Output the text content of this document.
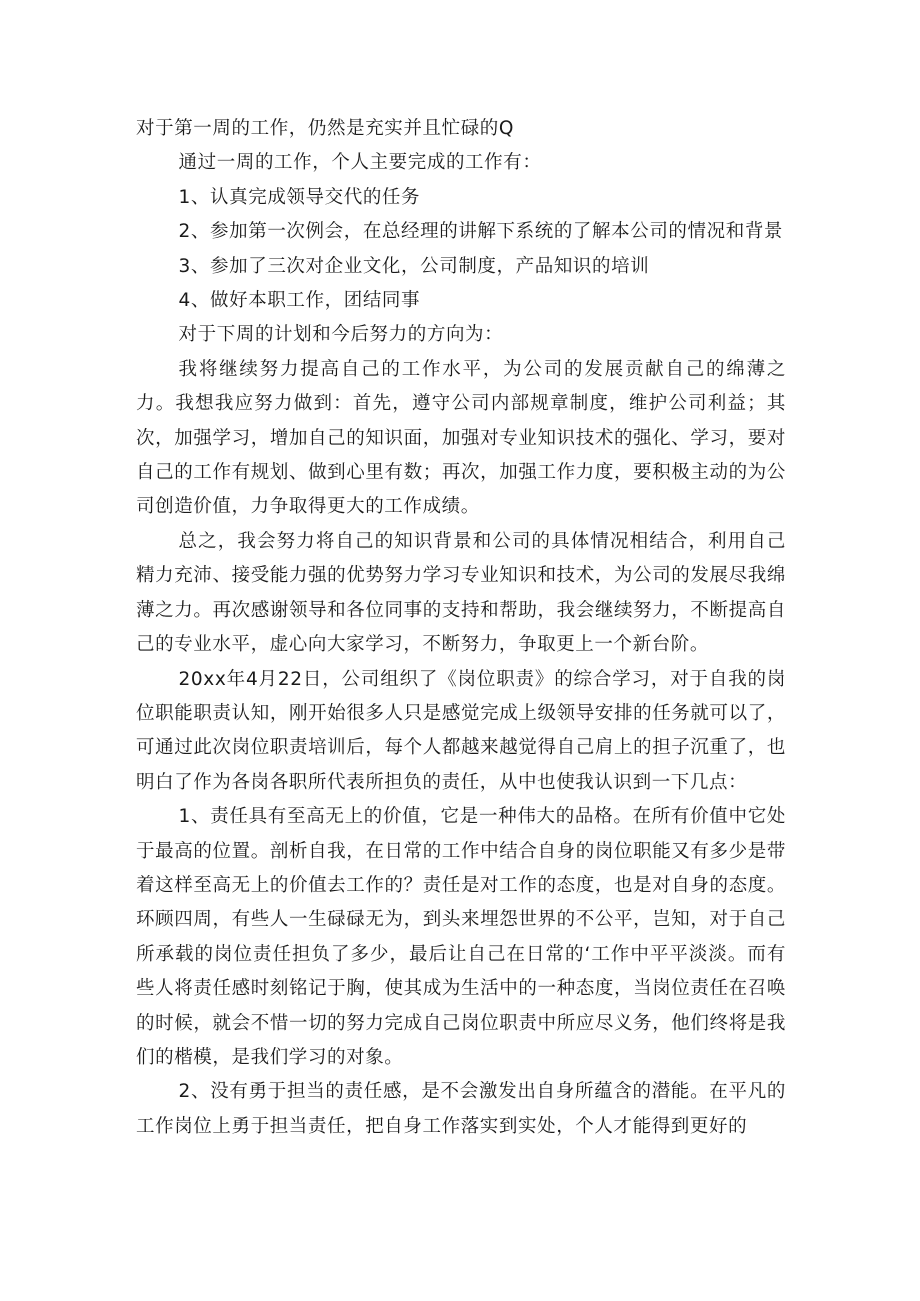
对于第一周的工作，仍然是充实并且忙碌的Q

通过一周的工作，个人主要完成的工作有：

1、认真完成领导交代的任务

2、参加第一次例会，在总经理的讲解下系统的了解本公司的情况和背景

3、参加了三次对企业文化，公司制度，产品知识的培训

4、做好本职工作，团结同事

对于下周的计划和今后努力的方向为：

我将继续努力提高自己的工作水平，为公司的发展贡献自己的绵薄之力。我想我应努力做到：首先，遵守公司内部规章制度，维护公司利益；其次，加强学习，增加自己的知识面，加强对专业知识技术的强化、学习，要对自己的工作有规划、做到心里有数；再次，加强工作力度，要积极主动的为公司创造价值，力争取得更大的工作成绩。

总之，我会努力将自己的知识背景和公司的具体情况相结合，利用自己精力充沛、接受能力强的优势努力学习专业知识和技术，为公司的发展尽我绵薄之力。再次感谢领导和各位同事的支持和帮助，我会继续努力，不断提高自己的专业水平，虚心向大家学习，不断努力，争取更上一个新台阶。

20xx年4月22日，公司组织了《岗位职责》的综合学习，对于自我的岗位职能职责认知，刚开始很多人只是感觉完成上级领导安排的任务就可以了，可通过此次岗位职责培训后，每个人都越来越觉得自己肩上的担子沉重了，也明白了作为各岗各职所代表所担负的责任，从中也使我认识到一下几点：

1、责任具有至高无上的价值，它是一种伟大的品格。在所有价值中它处于最高的位置。剖析自我，在日常的工作中结合自身的岗位职能又有多少是带着这样至高无上的价值去工作的？责任是对工作的态度，也是对自身的态度。环顾四周，有些人一生碌碌无为，到头来埋怨世界的不公平，岂知，对于自己所承载的岗位责任担负了多少，最后让自己在日常的‘工作中平平淡淡。而有些人将责任感时刻铭记于胸，使其成为生活中的一种态度，当岗位责任在召唤的时候，就会不惜一切的努力完成自己岗位职责中所应尽义务，他们终将是我们的楷模，是我们学习的对象。

2、没有勇于担当的责任感，是不会激发出自身所蕴含的潜能。在平凡的工作岗位上勇于担当责任，把自身工作落实到实处，个人才能得到更好的
